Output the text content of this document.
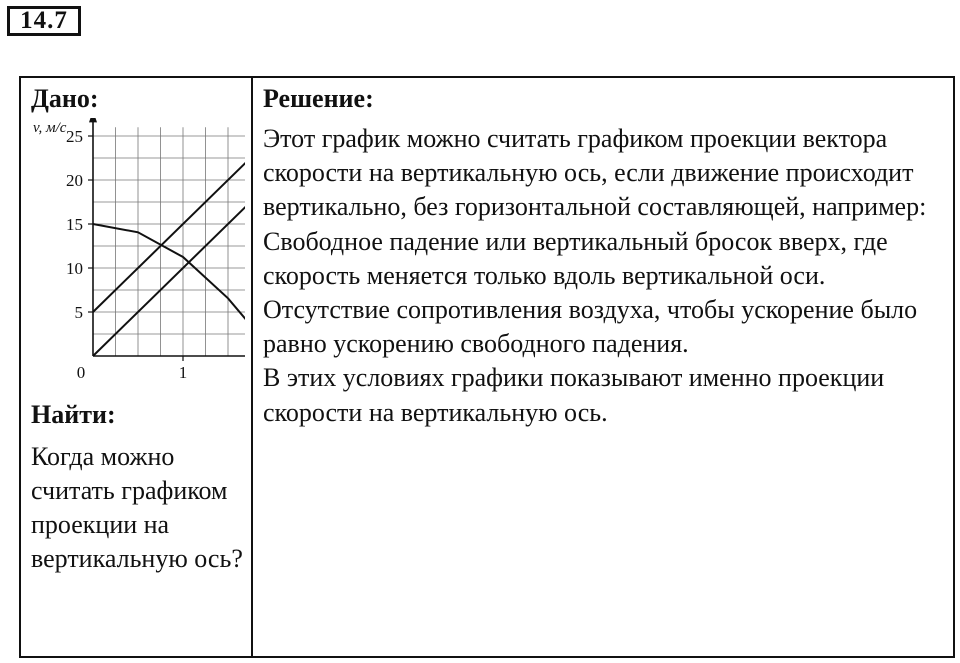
14.7
Дано:
5
10
15
20
25
1
0
v, м/с
Найти:
Когда можно считать графиком проекции на вертикальную ось?
Решение:

Этот график можно считать графиком проекции вектора скорости на вертикальную ось, если движение происходит вертикально, без горизонтальной составляющей, например: Свободное падение или вертикальный бросок вверх, где скорость меняется только вдоль вертикальной оси.

Отсутствие сопротивления воздуха, чтобы ускорение было равно ускорению свободного падения.

В этих условиях графики показывают именно проекции скорости на вертикальную ось.
